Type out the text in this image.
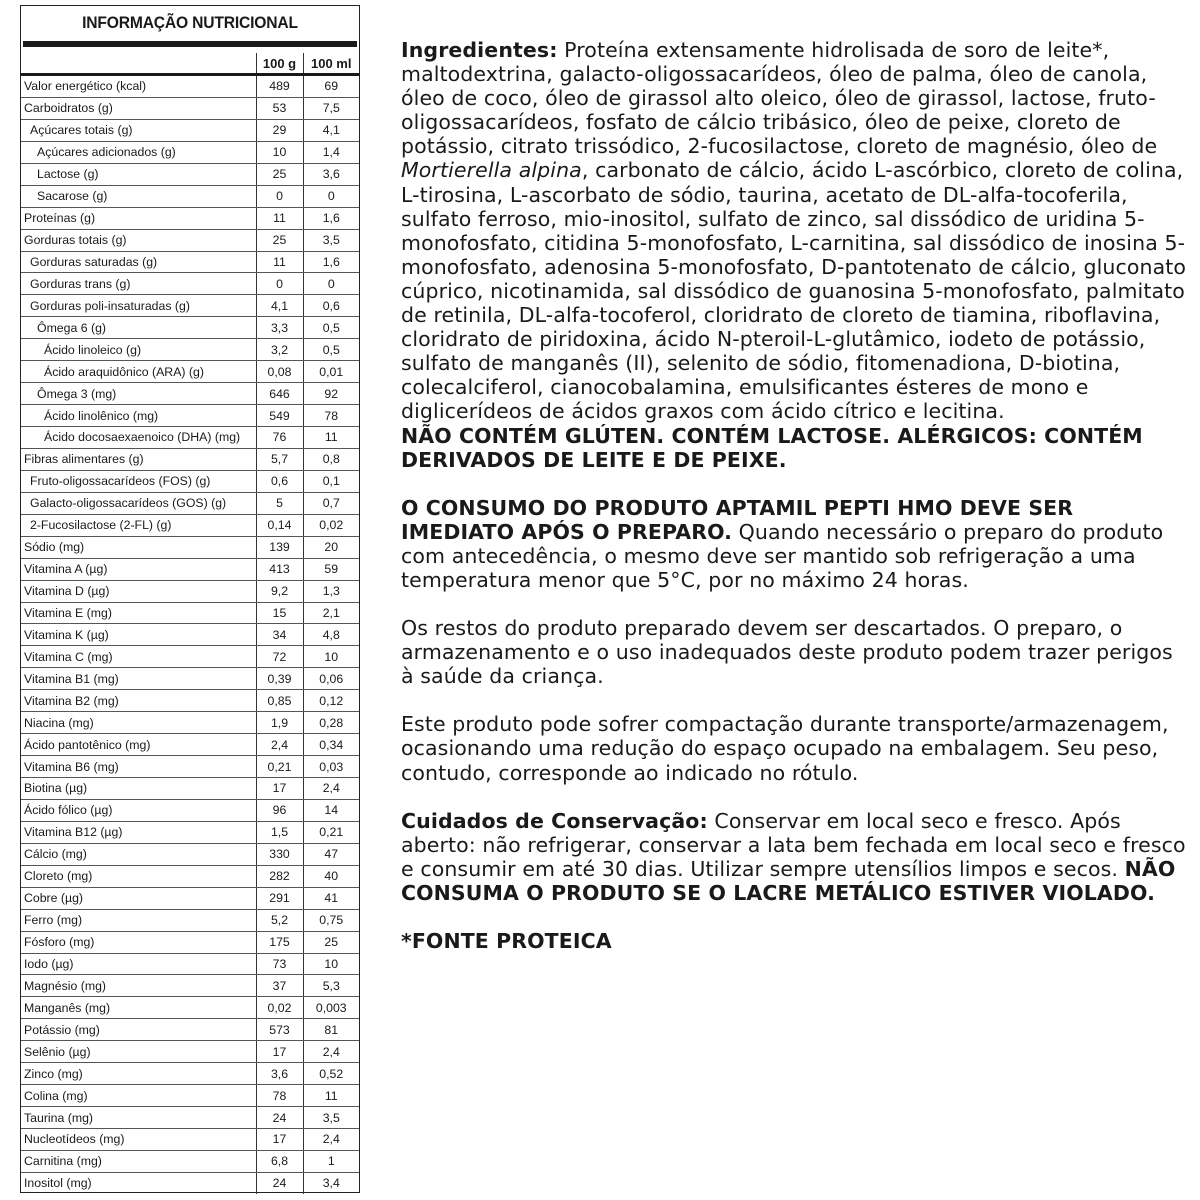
INFORMAÇÃO NUTRICIONAL
	100 g	100 ml
Valor energético (kcal)	489	69
Carboidratos (g)	53	7,5
Açúcares totais (g)	29	4,1
Açúcares adicionados (g)	10	1,4
Lactose (g)	25	3,6
Sacarose (g)	0	0
Proteínas (g)	11	1,6
Gorduras totais (g)	25	3,5
Gorduras saturadas (g)	11	1,6
Gorduras trans (g)	0	0
Gorduras poli-insaturadas (g)	4,1	0,6
Ômega 6 (g)	3,3	0,5
Ácido linoleico (g)	3,2	0,5
Ácido araquidônico (ARA) (g)	0,08	0,01
Ômega 3 (mg)	646	92
Ácido linolênico (mg)	549	78
Ácido docosaexaenoico (DHA) (mg)	76	11
Fibras alimentares (g)	5,7	0,8
Fruto-oligossacarídeos (FOS) (g)	0,6	0,1
Galacto-oligossacarídeos (GOS) (g)	5	0,7
2-Fucosilactose (2-FL) (g)	0,14	0,02
Sódio (mg)	139	20
Vitamina A (µg)	413	59
Vitamina D (µg)	9,2	1,3
Vitamina E (mg)	15	2,1
Vitamina K (µg)	34	4,8
Vitamina C (mg)	72	10
Vitamina B1 (mg)	0,39	0,06
Vitamina B2 (mg)	0,85	0,12
Niacina (mg)	1,9	0,28
Ácido pantotênico (mg)	2,4	0,34
Vitamina B6 (mg)	0,21	0,03
Biotina (µg)	17	2,4
Ácido fólico (µg)	96	14
Vitamina B12 (µg)	1,5	0,21
Cálcio (mg)	330	47
Cloreto (mg)	282	40
Cobre (µg)	291	41
Ferro (mg)	5,2	0,75
Fósforo (mg)	175	25
Iodo (µg)	73	10
Magnésio (mg)	37	5,3
Manganês (mg)	0,02	0,003
Potássio (mg)	573	81
Selênio (µg)	17	2,4
Zinco (mg)	3,6	0,52
Colina (mg)	78	11
Taurina (mg)	24	3,5
Nucleotídeos (mg)	17	2,4
Carnitina (mg)	6,8	1
Inositol (mg)	24	3,4

Ingredientes: Proteína extensamente hidrolisada de soro de leite*, maltodextrina, galacto-oligossacarídeos, óleo de palma, óleo de canola, óleo de coco, óleo de girassol alto oleico, óleo de girassol, lactose, fruto-oligossacarídeos, fosfato de cálcio tribásico, óleo de peixe, cloreto de potássio, citrato trissódico, 2-fucosilactose, cloreto de magnésio, óleo de Mortierella alpina, carbonato de cálcio, ácido L-ascórbico, cloreto de colina, L-tirosina, L-ascorbato de sódio, taurina, acetato de DL-alfa-tocoferila, sulfato ferroso, mio-inositol, sulfato de zinco, sal dissódico de uridina 5-monofosfato, citidina 5-monofosfato, L-carnitina, sal dissódico de inosina 5-monofosfato, adenosina 5-monofosfato, D-pantotenato de cálcio, gluconato cúprico, nicotinamida, sal dissódico de guanosina 5-monofosfato, palmitato de retinila, DL-alfa-tocoferol, cloridrato de cloreto de tiamina, riboflavina, cloridrato de piridoxina, ácido N-pteroil-L-glutâmico, iodeto de potássio, sulfato de manganês (II), selenito de sódio, fitomenadiona, D-biotina, colecalciferol, cianocobalamina, emulsificantes ésteres de mono e diglicerídeos de ácidos graxos com ácido cítrico e lecitina.

NÃO CONTÉM GLÚTEN. CONTÉM LACTOSE. ALÉRGICOS: CONTÉM DERIVADOS DE LEITE E DE PEIXE.

O CONSUMO DO PRODUTO APTAMIL PEPTI HMO DEVE SER IMEDIATO APÓS O PREPARO. Quando necessário o preparo do produto com antecedência, o mesmo deve ser mantido sob refrigeração a uma temperatura menor que 5°C, por no máximo 24 horas.

Os restos do produto preparado devem ser descartados. O preparo, o armazenamento e o uso inadequados deste produto podem trazer perigos à saúde da criança.

Este produto pode sofrer compactação durante transporte/armazenagem, ocasionando uma redução do espaço ocupado na embalagem. Seu peso, contudo, corresponde ao indicado no rótulo.

Cuidados de Conservação: Conservar em local seco e fresco. Após aberto: não refrigerar, conservar a lata bem fechada em local seco e fresco e consumir em até 30 dias. Utilizar sempre utensílios limpos e secos. NÃO CONSUMA O PRODUTO SE O LACRE METÁLICO ESTIVER VIOLADO.

*FONTE PROTEICA
